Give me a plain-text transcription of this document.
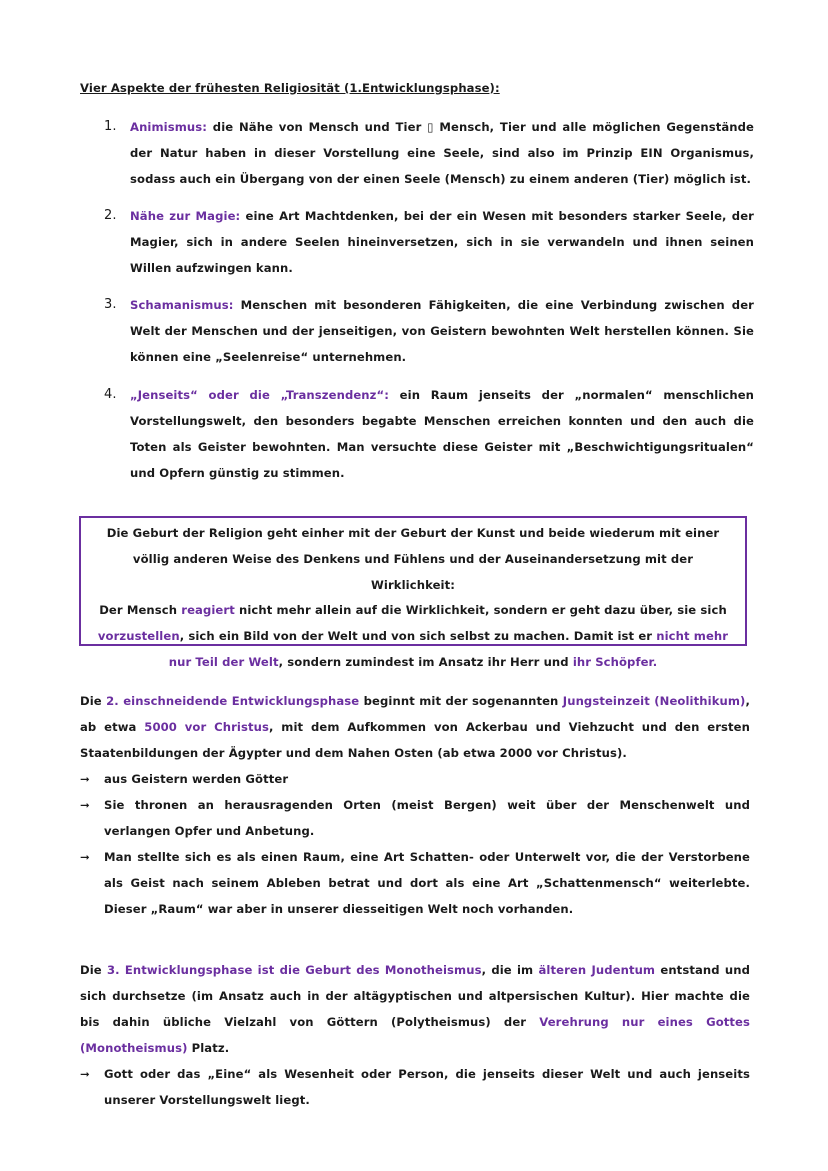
Vier Aspekte der frühesten Religiosität (1.Entwicklungsphase):
1. Animismus: die Nähe von Mensch und Tier ▯ Mensch, Tier und alle möglichen Gegenstände der Natur haben in dieser Vorstellung eine Seele, sind also im Prinzip EIN Organismus, sodass auch ein Übergang von der einen Seele (Mensch) zu einem anderen (Tier) möglich ist.
2. Nähe zur Magie: eine Art Machtdenken, bei der ein Wesen mit besonders starker Seele, der Magier, sich in andere Seelen hineinversetzen, sich in sie verwandeln und ihnen seinen Willen aufzwingen kann.
3. Schamanismus: Menschen mit besonderen Fähigkeiten, die eine Verbindung zwischen der Welt der Menschen und der jenseitigen, von Geistern bewohnten Welt herstellen können. Sie können eine „Seelenreise“ unternehmen.
4. „Jenseits“ oder die „Transzendenz“: ein Raum jenseits der „normalen“ menschlichen Vorstellungswelt, den besonders begabte Menschen erreichen konnten und den auch die Toten als Geister bewohnten. Man versuchte diese Geister mit „Beschwichtigungsritualen“ und Opfern günstig zu stimmen.
Die Geburt der Religion geht einher mit der Geburt der Kunst und beide wiederum mit einer völlig anderen Weise des Denkens und Fühlens und der Auseinandersetzung mit der Wirklichkeit:
Der Mensch reagiert nicht mehr allein auf die Wirklichkeit, sondern er geht dazu über, sie sich vorzustellen, sich ein Bild von der Welt und von sich selbst zu machen. Damit ist er nicht mehr nur Teil der Welt, sondern zumindest im Ansatz ihr Herr und ihr Schöpfer.
Die 2. einschneidende Entwicklungsphase beginnt mit der sogenannten Jungsteinzeit (Neolithikum), ab etwa 5000 vor Christus, mit dem Aufkommen von Ackerbau und Viehzucht und den ersten Staatenbildungen der Ägypter und dem Nahen Osten (ab etwa 2000 vor Christus).
➞ aus Geistern werden Götter
➞ Sie thronen an herausragenden Orten (meist Bergen) weit über der Menschenwelt und verlangen Opfer und Anbetung.
➞ Man stellte sich es als einen Raum, eine Art Schatten- oder Unterwelt vor, die der Verstorbene als Geist nach seinem Ableben betrat und dort als eine Art „Schattenmensch“ weiterlebte. Dieser „Raum“ war aber in unserer diesseitigen Welt noch vorhanden.
Die 3. Entwicklungsphase ist die Geburt des Monotheismus, die im älteren Judentum entstand und sich durchsetze (im Ansatz auch in der altägyptischen und altpersischen Kultur). Hier machte die bis dahin übliche Vielzahl von Göttern (Polytheismus) der Verehrung nur eines Gottes (Monotheismus) Platz.
➞ Gott oder das „Eine“ als Wesenheit oder Person, die jenseits dieser Welt und auch jenseits unserer Vorstellungswelt liegt.
